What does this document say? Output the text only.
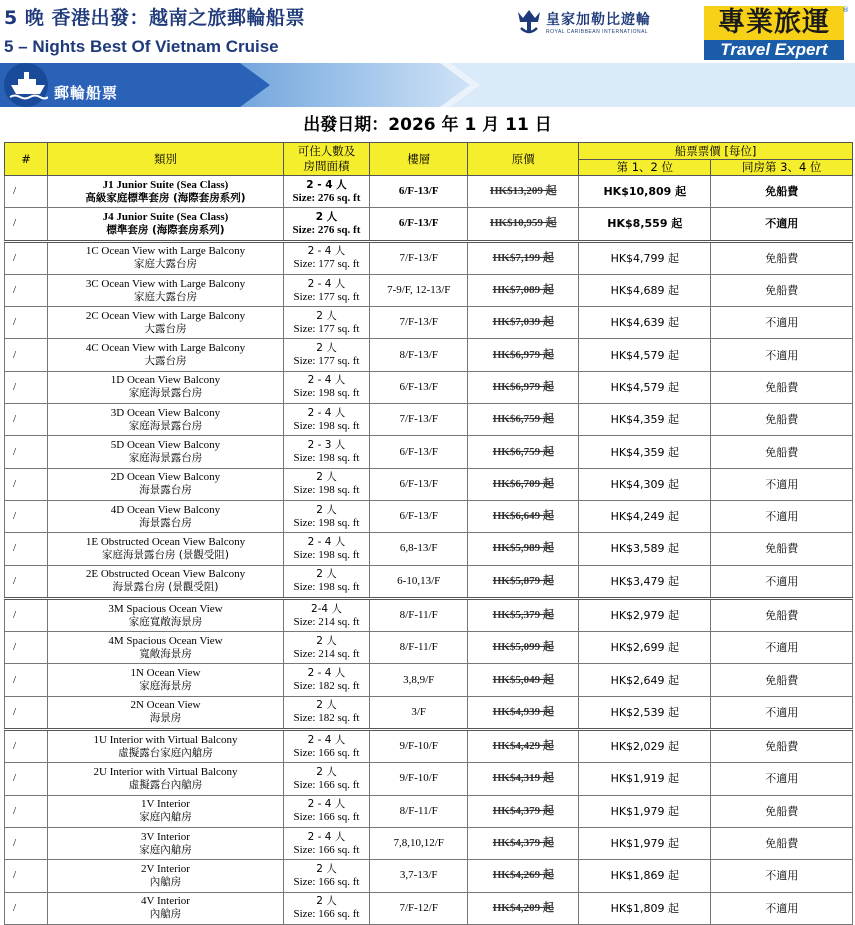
5 晚 香港出發：越南之旅郵輪船票
5 – Nights Best Of Vietnam Cruise
皇家加勒比遊輪
ROYAL CARIBBEAN INTERNATIONAL	專業旅運
Travel Expert
®
郵輪船票
出發日期：2026 年 1 月 11 日
#	類別	可住人數及
房間面積	樓層	原價	船票票價 [每位]	
					第 1、2 位	同房第 3、4 位
/	J1 Junior Suite (Sea Class)
高級家庭標準套房 (海際套房系列)	2 - 4 人
Size: 276 sq. ft	6/F-13/F	HK$13,209 起	HK$10,809 起	免船費
/	J4 Junior Suite (Sea Class)
標準套房 (海際套房系列)	2 人
Size: 276 sq. ft	6/F-13/F	HK$10,959 起	HK$8,559 起	不適用
/	1C Ocean View with Large Balcony
家庭大露台房	2 - 4 人
Size: 177 sq. ft	7/F-13/F	HK$7,199 起	HK$4,799 起	免船費
/	3C Ocean View with Large Balcony
家庭大露台房	2 - 4 人
Size: 177 sq. ft	7-9/F, 12-13/F	HK$7,089 起	HK$4,689 起	免船費
/	2C Ocean View with Large Balcony
大露台房	2 人
Size: 177 sq. ft	7/F-13/F	HK$7,039 起	HK$4,639 起	不適用
/	4C Ocean View with Large Balcony
大露台房	2 人
Size: 177 sq. ft	8/F-13/F	HK$6,979 起	HK$4,579 起	不適用
/	1D Ocean View Balcony
家庭海景露台房	2 - 4 人
Size: 198 sq. ft	6/F-13/F	HK$6,979 起	HK$4,579 起	免船費
/	3D Ocean View Balcony
家庭海景露台房	2 - 4 人
Size: 198 sq. ft	7/F-13/F	HK$6,759 起	HK$4,359 起	免船費
/	5D Ocean View Balcony
家庭海景露台房	2 - 3 人
Size: 198 sq. ft	6/F-13/F	HK$6,759 起	HK$4,359 起	免船費
/	2D Ocean View Balcony
海景露台房	2 人
Size: 198 sq. ft	6/F-13/F	HK$6,709 起	HK$4,309 起	不適用
/	4D Ocean View Balcony
海景露台房	2 人
Size: 198 sq. ft	6/F-13/F	HK$6,649 起	HK$4,249 起	不適用
/	1E Obstructed Ocean View Balcony
家庭海景露台房 (景觀受阻)	2 - 4 人
Size: 198 sq. ft	6,8-13/F	HK$5,989 起	HK$3,589 起	免船費
/	2E Obstructed Ocean View Balcony
海景露台房 (景觀受阻)	2 人
Size: 198 sq. ft	6-10,13/F	HK$5,879 起	HK$3,479 起	不適用
/	3M Spacious Ocean View
家庭寬敞海景房	2-4 人
Size: 214 sq. ft	8/F-11/F	HK$5,379 起	HK$2,979 起	免船費
/	4M Spacious Ocean View
寬敞海景房	2 人
Size: 214 sq. ft	8/F-11/F	HK$5,099 起	HK$2,699 起	不適用
/	1N Ocean View
家庭海景房	2 - 4 人
Size: 182 sq. ft	3,8,9/F	HK$5,049 起	HK$2,649 起	免船費
/	2N Ocean View
海景房	2 人
Size: 182 sq. ft	3/F	HK$4,939 起	HK$2,539 起	不適用
/	1U Interior with Virtual Balcony
虛擬露台家庭內艙房	2 - 4 人
Size: 166 sq. ft	9/F-10/F	HK$4,429 起	HK$2,029 起	免船費
/	2U Interior with Virtual Balcony
虛擬露台內艙房	2 人
Size: 166 sq. ft	9/F-10/F	HK$4,319 起	HK$1,919 起	不適用
/	1V Interior
家庭內艙房	2 - 4 人
Size: 166 sq. ft	8/F-11/F	HK$4,379 起	HK$1,979 起	免船費
/	3V Interior
家庭內艙房	2 - 4 人
Size: 166 sq. ft	7,8,10,12/F	HK$4,379 起	HK$1,979 起	免船費
/	2V Interior
內艙房	2 人
Size: 166 sq. ft	3,7-13/F	HK$4,269 起	HK$1,869 起	不適用
/	4V Interior
內艙房	2 人
Size: 166 sq. ft	7/F-12/F	HK$4,209 起	HK$1,809 起	不適用
